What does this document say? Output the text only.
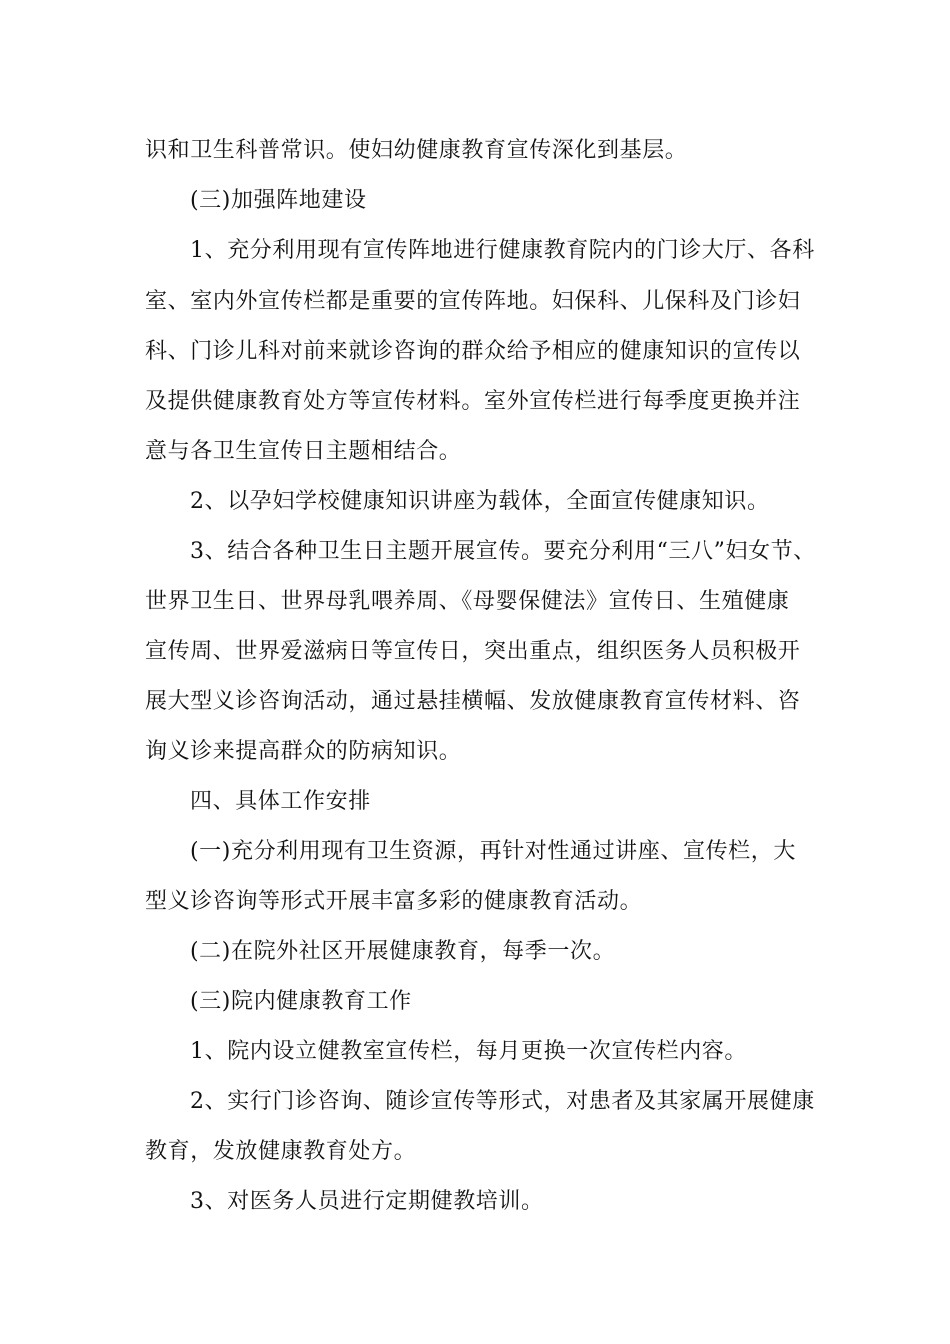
识和卫生科普常识。使妇幼健康教育宣传深化到基层。
(三)加强阵地建设
1、充分利用现有宣传阵地进行健康教育院内的门诊大厅、各科
室、室内外宣传栏都是重要的宣传阵地。妇保科、儿保科及门诊妇
科、门诊儿科对前来就诊咨询的群众给予相应的健康知识的宣传以
及提供健康教育处方等宣传材料。室外宣传栏进行每季度更换并注
意与各卫生宣传日主题相结合。
2、以孕妇学校健康知识讲座为载体，全面宣传健康知识。
3、结合各种卫生日主题开展宣传。要充分利用“三八”妇女节、
世界卫生日、世界母乳喂养周、《母婴保健法》宣传日、生殖健康
宣传周、世界爱滋病日等宣传日，突出重点，组织医务人员积极开
展大型义诊咨询活动，通过悬挂横幅、发放健康教育宣传材料、咨
询义诊来提高群众的防病知识。
四、具体工作安排
(一)充分利用现有卫生资源，再针对性通过讲座、宣传栏，大
型义诊咨询等形式开展丰富多彩的健康教育活动。
(二)在院外社区开展健康教育，每季一次。
(三)院内健康教育工作
1、院内设立健教室宣传栏，每月更换一次宣传栏内容。
2、实行门诊咨询、随诊宣传等形式，对患者及其家属开展健康
教育，发放健康教育处方。
3、对医务人员进行定期健教培训。
